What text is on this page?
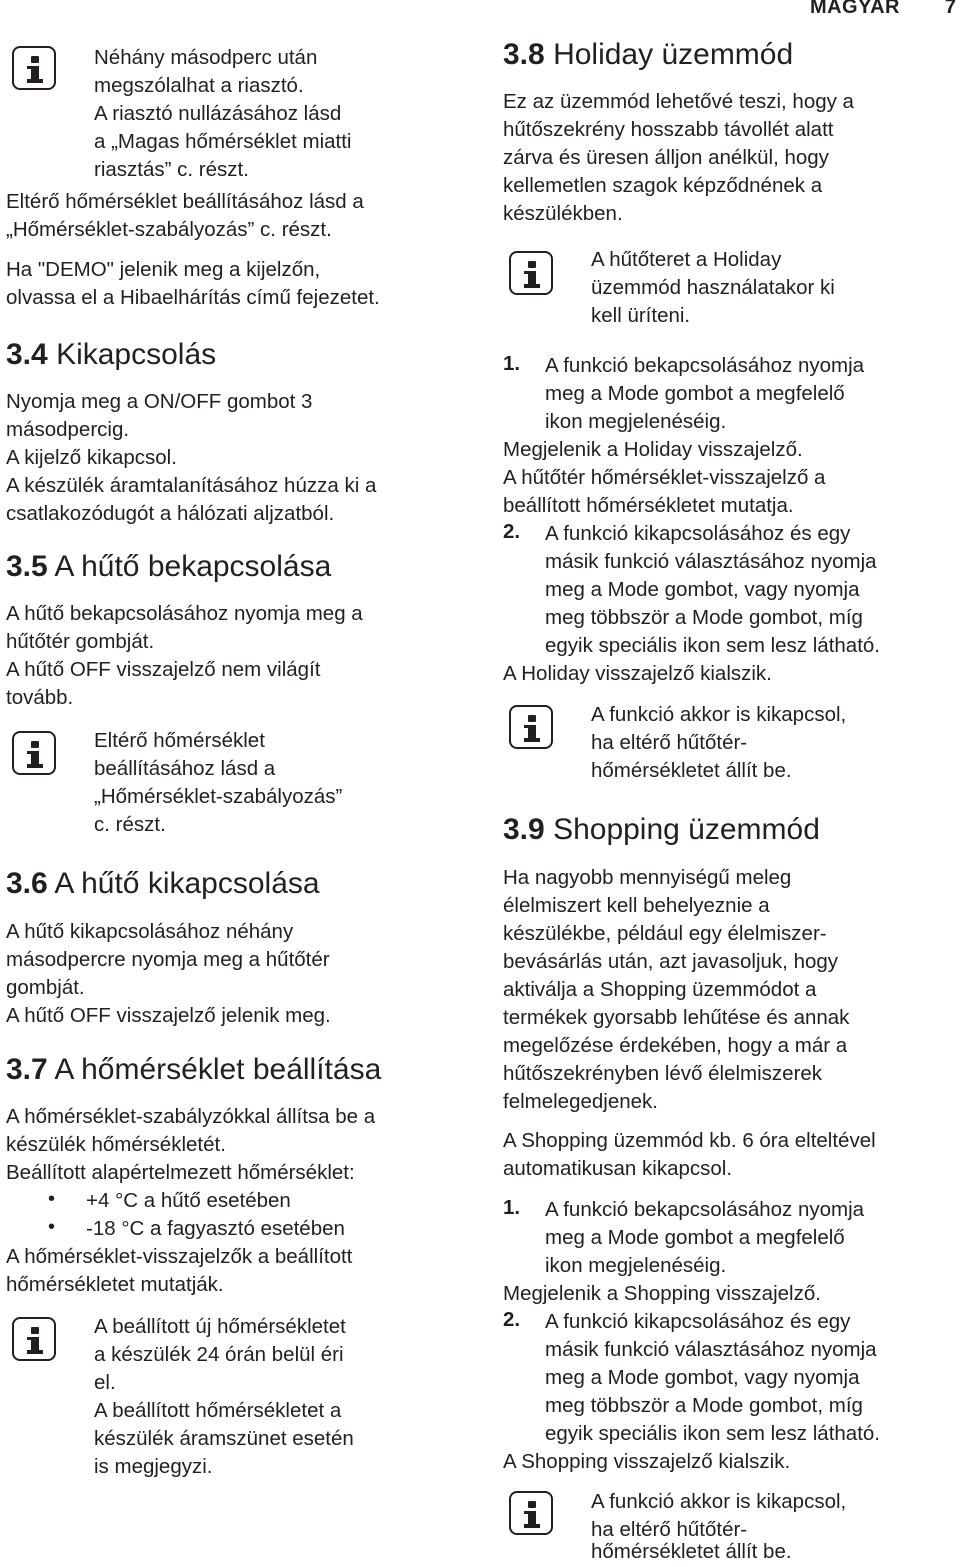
MAGYAR 7
Néhány másodperc után
megszólalhat a riasztó.
A riasztó nullázásához lásd
a „Magas hőmérséklet miatti
riasztás” c. részt.
Eltérő hőmérséklet beállításához lásd a
„Hőmérséklet-szabályozás” c. részt.
Ha "DEMO" jelenik meg a kijelzőn,
olvassa el a Hibaelhárítás című fejezetet.
3.4 Kikapcsolás
Nyomja meg a ON/OFF gombot 3
másodpercig.
A kijelző kikapcsol.
A készülék áramtalanításához húzza ki a
csatlakozódugót a hálózati aljzatból.
3.5 A hűtő bekapcsolása
A hűtő bekapcsolásához nyomja meg a
hűtőtér gombját.
A hűtő OFF visszajelző nem világít
tovább.
Eltérő hőmérséklet
beállításához lásd a
„Hőmérséklet-szabályozás”
c. részt.
3.6 A hűtő kikapcsolása
A hűtő kikapcsolásához néhány
másodpercre nyomja meg a hűtőtér
gombját.
A hűtő OFF visszajelző jelenik meg.
3.7 A hőmérséklet beállítása
A hőmérséklet-szabályzókkal állítsa be a
készülék hőmérsékletét.
Beállított alapértelmezett hőmérséklet:
• +4 °C a hűtő esetében
• -18 °C a fagyasztó esetében
A hőmérséklet-visszajelzők a beállított
hőmérsékletet mutatják.
A beállított új hőmérsékletet
a készülék 24 órán belül éri
el.
A beállított hőmérsékletet a
készülék áramszünet esetén
is megjegyzi.
3.8 Holiday üzemmód
Ez az üzemmód lehetővé teszi, hogy a
hűtőszekrény hosszabb távollét alatt
zárva és üresen álljon anélkül, hogy
kellemetlen szagok képződnének a
készülékben.
A hűtőteret a Holiday
üzemmód használatakor ki
kell üríteni.
1. A funkció bekapcsolásához nyomja
meg a Mode gombot a megfelelő
ikon megjelenéséig.
Megjelenik a Holiday visszajelző.
A hűtőtér hőmérséklet-visszajelző a
beállított hőmérsékletet mutatja.
2. A funkció kikapcsolásához és egy
másik funkció választásához nyomja
meg a Mode gombot, vagy nyomja
meg többször a Mode gombot, míg
egyik speciális ikon sem lesz látható.
A Holiday visszajelző kialszik.
A funkció akkor is kikapcsol,
ha eltérő hűtőtér-
hőmérsékletet állít be.
3.9 Shopping üzemmód
Ha nagyobb mennyiségű meleg
élelmiszert kell behelyeznie a
készülékbe, például egy élelmiszer-
bevásárlás után, azt javasoljuk, hogy
aktiválja a Shopping üzemmódot a
termékek gyorsabb lehűtése és annak
megelőzése érdekében, hogy a már a
hűtőszekrényben lévő élelmiszerek
felmelegedjenek.
A Shopping üzemmód kb. 6 óra elteltével
automatikusan kikapcsol.
1. A funkció bekapcsolásához nyomja
meg a Mode gombot a megfelelő
ikon megjelenéséig.
Megjelenik a Shopping visszajelző.
2. A funkció kikapcsolásához és egy
másik funkció választásához nyomja
meg a Mode gombot, vagy nyomja
meg többször a Mode gombot, míg
egyik speciális ikon sem lesz látható.
A Shopping visszajelző kialszik.
A funkció akkor is kikapcsol,
ha eltérő hűtőtér-
hőmérsékletet állít be.
